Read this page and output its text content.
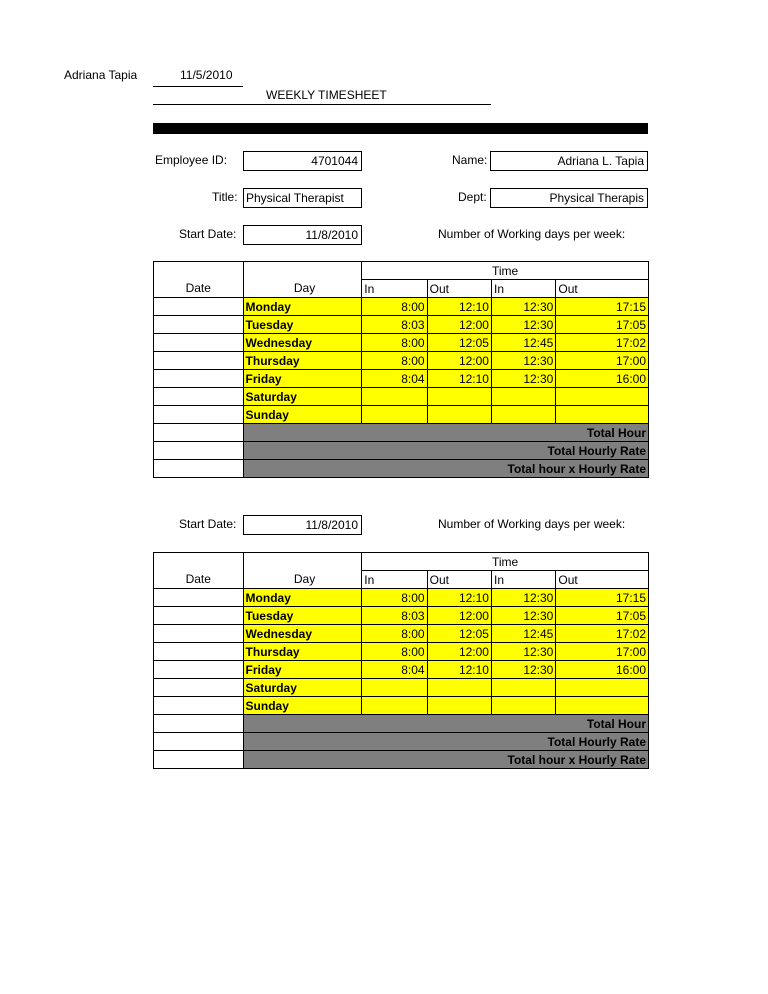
Adriana Tapia	11/5/2010
WEEKLY TIMESHEET
Employee ID:	4701044	Name:	Adriana L. Tapia
Title: Physical Therapist	Dept:	Physical Therapis
Start Date:	11/8/2010	Number of Working days per week:
		Time			
Date	Day	In	Out	In	Out
	Monday	8:00	12:10	12:30	17:15
	Tuesday	8:03	12:00	12:30	17:05
	Wednesday	8:00	12:05	12:45	17:02
	Thursday	8:00	12:00	12:30	17:00
	Friday	8:04	12:10	12:30	16:00
	Saturday				
	Sunday				
	Total Hour				
	Total Hourly Rate				
	Total hour x Hourly Rate				
Start Date:	11/8/2010	Number of Working days per week:
		Time			
Date	Day	In	Out	In	Out
	Monday	8:00	12:10	12:30	17:15
	Tuesday	8:03	12:00	12:30	17:05
	Wednesday	8:00	12:05	12:45	17:02
	Thursday	8:00	12:00	12:30	17:00
	Friday	8:04	12:10	12:30	16:00
	Saturday				
	Sunday				
	Total Hour				
	Total Hourly Rate				
	Total hour x Hourly Rate				
